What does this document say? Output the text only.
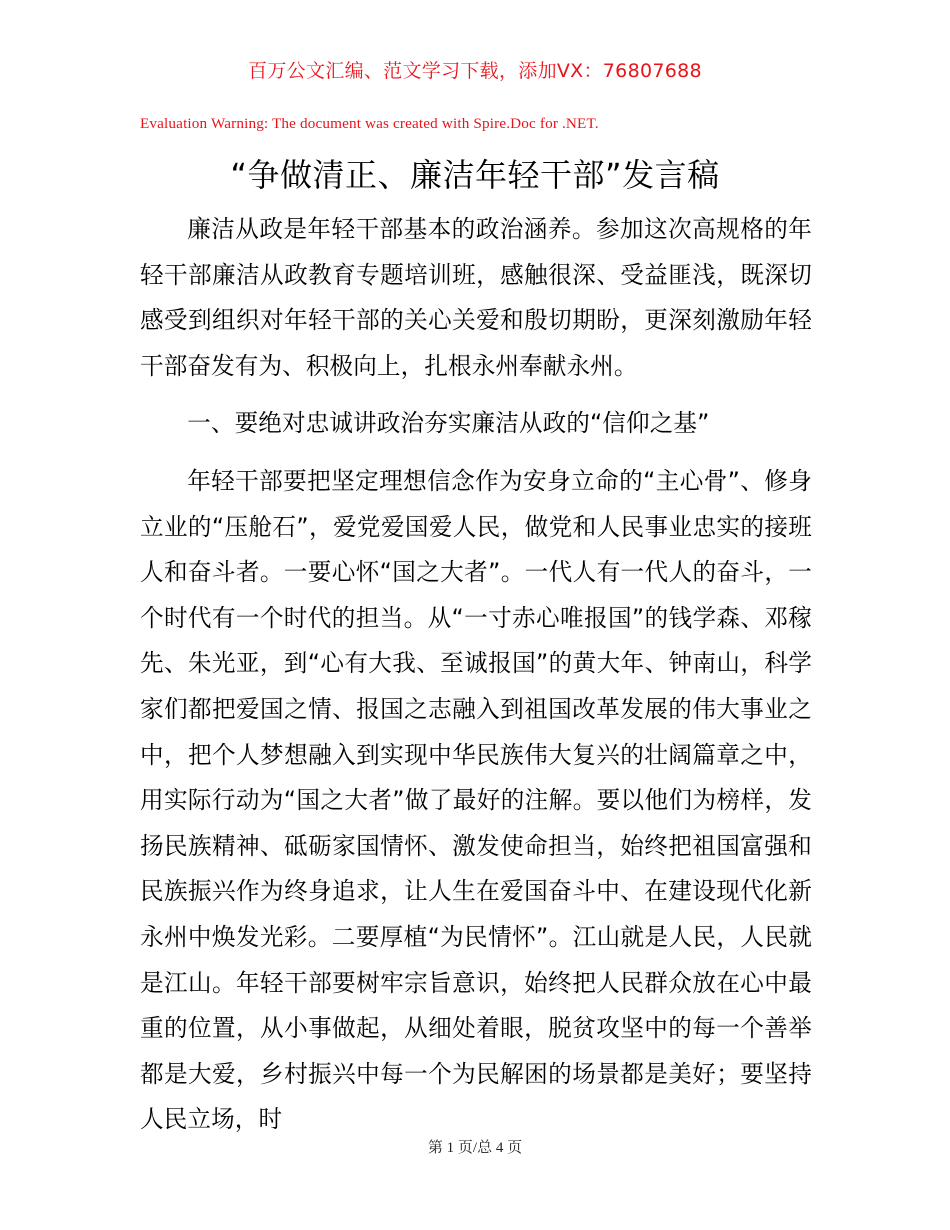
百万公文汇编、范文学习下载，添加VX：76807688
Evaluation Warning: The document was created with Spire.Doc for .NET.
“争做清正、廉洁年轻干部”发言稿

廉洁从政是年轻干部基本的政治涵养。参加这次高规格的年轻干部廉洁从政教育专题培训班，感触很深、受益匪浅，既深切感受到组织对年轻干部的关心关爱和殷切期盼，更深刻激励年轻干部奋发有为、积极向上，扎根永州奉献永州。

一、要绝对忠诚讲政治夯实廉洁从政的“信仰之基”

年轻干部要把坚定理想信念作为安身立命的“主心骨”、修身立业的“压舱石”，爱党爱国爱人民，做党和人民事业忠实的接班人和奋斗者。一要心怀“国之大者”。一代人有一代人的奋斗，一个时代有一个时代的担当。从“一寸赤心唯报国”的钱学森、邓稼先、朱光亚，到“心有大我、至诚报国”的黄大年、钟南山，科学家们都把爱国之情、报国之志融入到祖国改革发展的伟大事业之中，把个人梦想融入到实现中华民族伟大复兴的壮阔篇章之中，用实际行动为“国之大者”做了最好的注解。要以他们为榜样，发扬民族精神、砥砺家国情怀、激发使命担当，始终把祖国富强和民族振兴作为终身追求，让人生在爱国奋斗中、在建设现代化新永州中焕发光彩。二要厚植“为民情怀”。江山就是人民，人民就是江山。年轻干部要树牢宗旨意识，始终把人民群众放在心中最重的位置，从小事做起，从细处着眼，脱贫攻坚中的每一个善举都是大爱，乡村振兴中每一个为民解困的场景都是美好；要坚持人民立场，时

第 1 页/总 4 页
